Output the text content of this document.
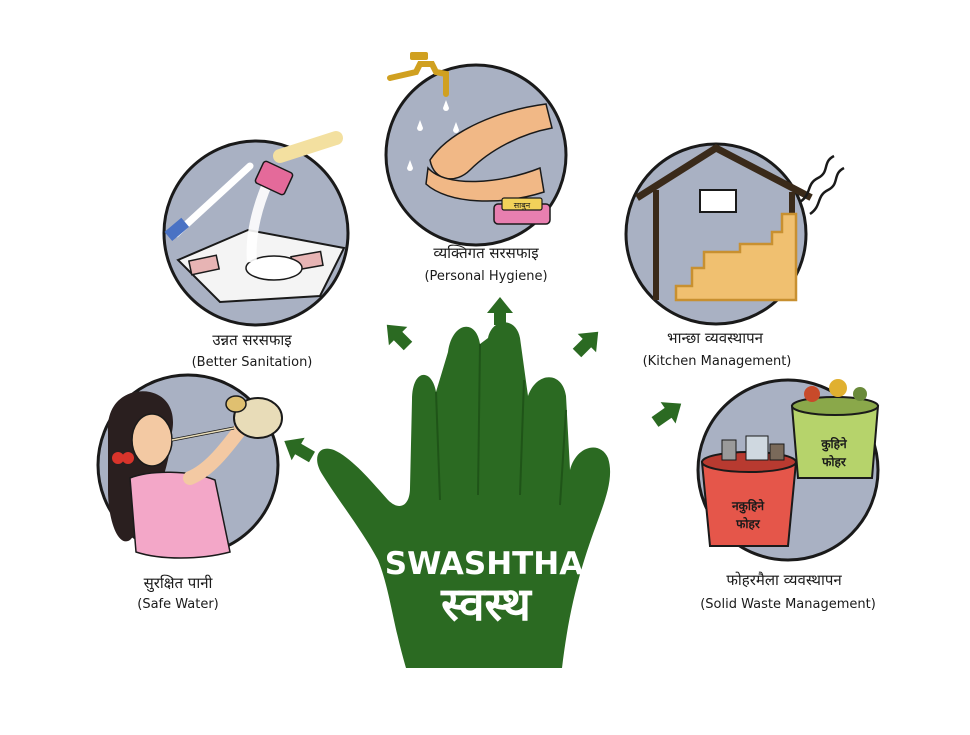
SWASHTHA
स्वस्थ
सुरक्षित पानी
(Safe Water)
उन्नत सरसफाइ
(Better Sanitation)
साबुन
व्यक्तिगत सरसफाइ
(Personal Hygiene)
भान्छा व्यवस्थापन
(Kitchen Management)
कुहिने
फोहर
नकुहिने
फोहर
फोहरमैला व्यवस्थापन
(Solid Waste Management)
